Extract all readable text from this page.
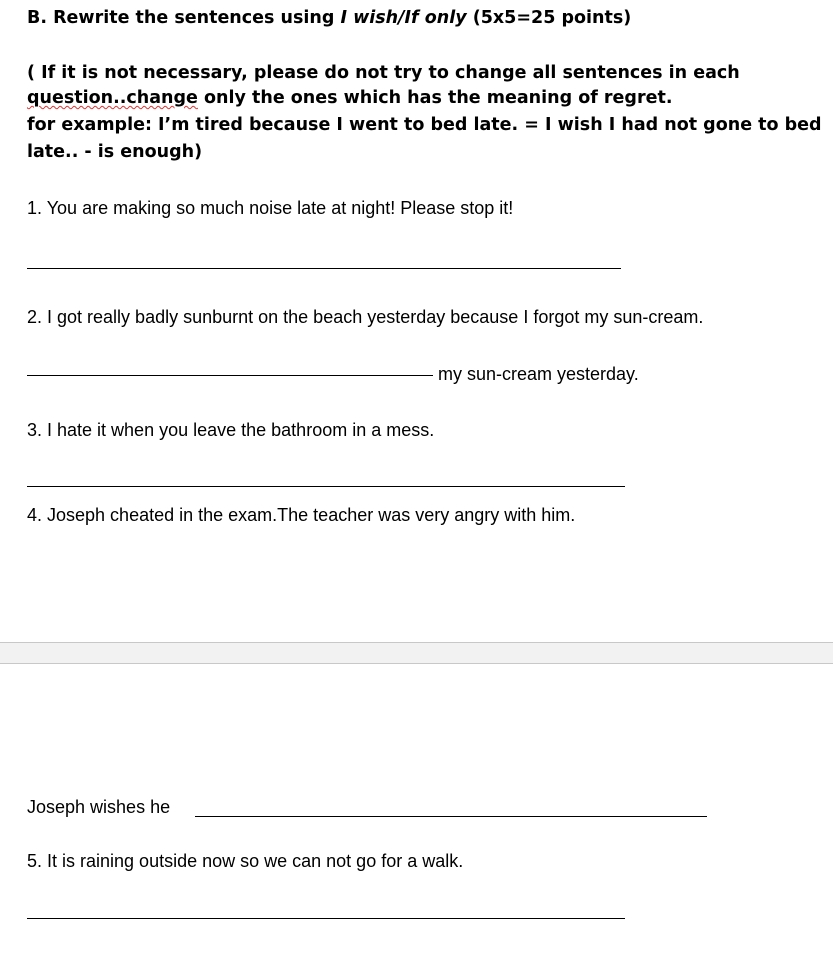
B. Rewrite the sentences using I wish/If only (5x5=25 points)
( If it is not necessary, please do not try to change all sentences in each
question..change only the ones which has the meaning of regret.
for example: I’m tired because I went to bed late. = I wish I had not gone to bed
late.. - is enough)
1. You are making so much noise late at night! Please stop it!
2. I got really badly sunburnt on the beach yesterday because I forgot my sun-cream.
my sun-cream yesterday.
3. I hate it when you leave the bathroom in a mess.
4. Joseph cheated in the exam.The teacher was very angry with him.
Joseph wishes he
5. It is raining outside now so we can not go for a walk.
